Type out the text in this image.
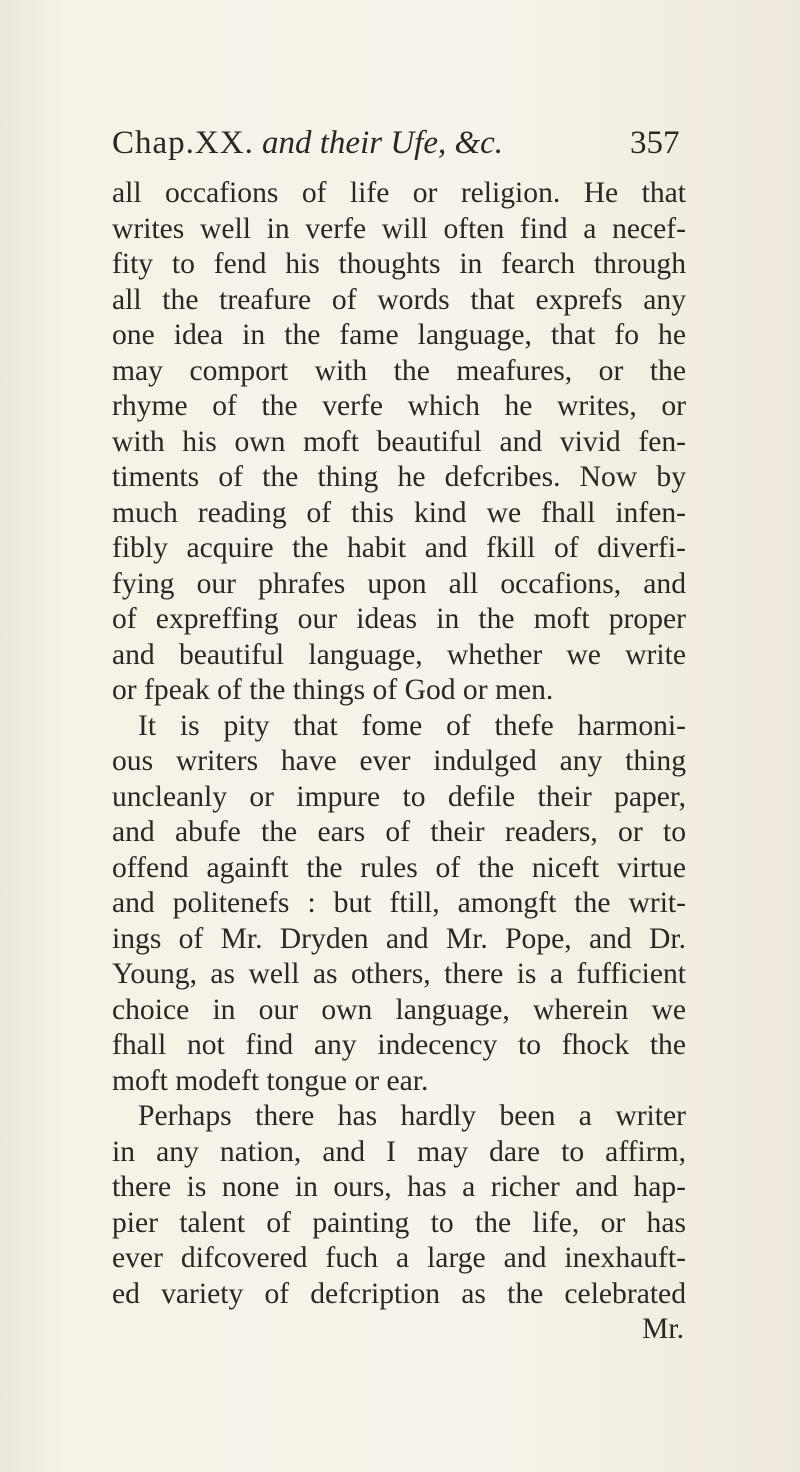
Chap.XX. and their Ufe, &c.	357
all occafions of life or religion. He that
writes well in verfe will often find a necef-
fity to fend his thoughts in fearch through
all the treafure of words that exprefs any
one idea in the fame language, that fo he
may comport with the meafures, or the
rhyme of the verfe which he writes, or
with his own moft beautiful and vivid fen-
timents of the thing he defcribes. Now by
much reading of this kind we fhall infen-
fibly acquire the habit and fkill of diverfi-
fying our phrafes upon all occafions, and
of expreffing our ideas in the moft proper
and beautiful language, whether we write
or fpeak of the things of God or men.
It is pity that fome of thefe harmoni-
ous writers have ever indulged any thing
uncleanly or impure to defile their paper,
and abufe the ears of their readers, or to
offend againft the rules of the niceft virtue
and politenefs : but ftill, amongft the writ-
ings of Mr. Dryden and Mr. Pope, and Dr.
Young, as well as others, there is a fufficient
choice in our own language, wherein we
fhall not find any indecency to fhock the
moft modeft tongue or ear.
Perhaps there has hardly been a writer
in any nation, and I may dare to affirm,
there is none in ours, has a richer and hap-
pier talent of painting to the life, or has
ever difcovered fuch a large and inexhauft-
ed variety of defcription as the celebrated
Mr.
